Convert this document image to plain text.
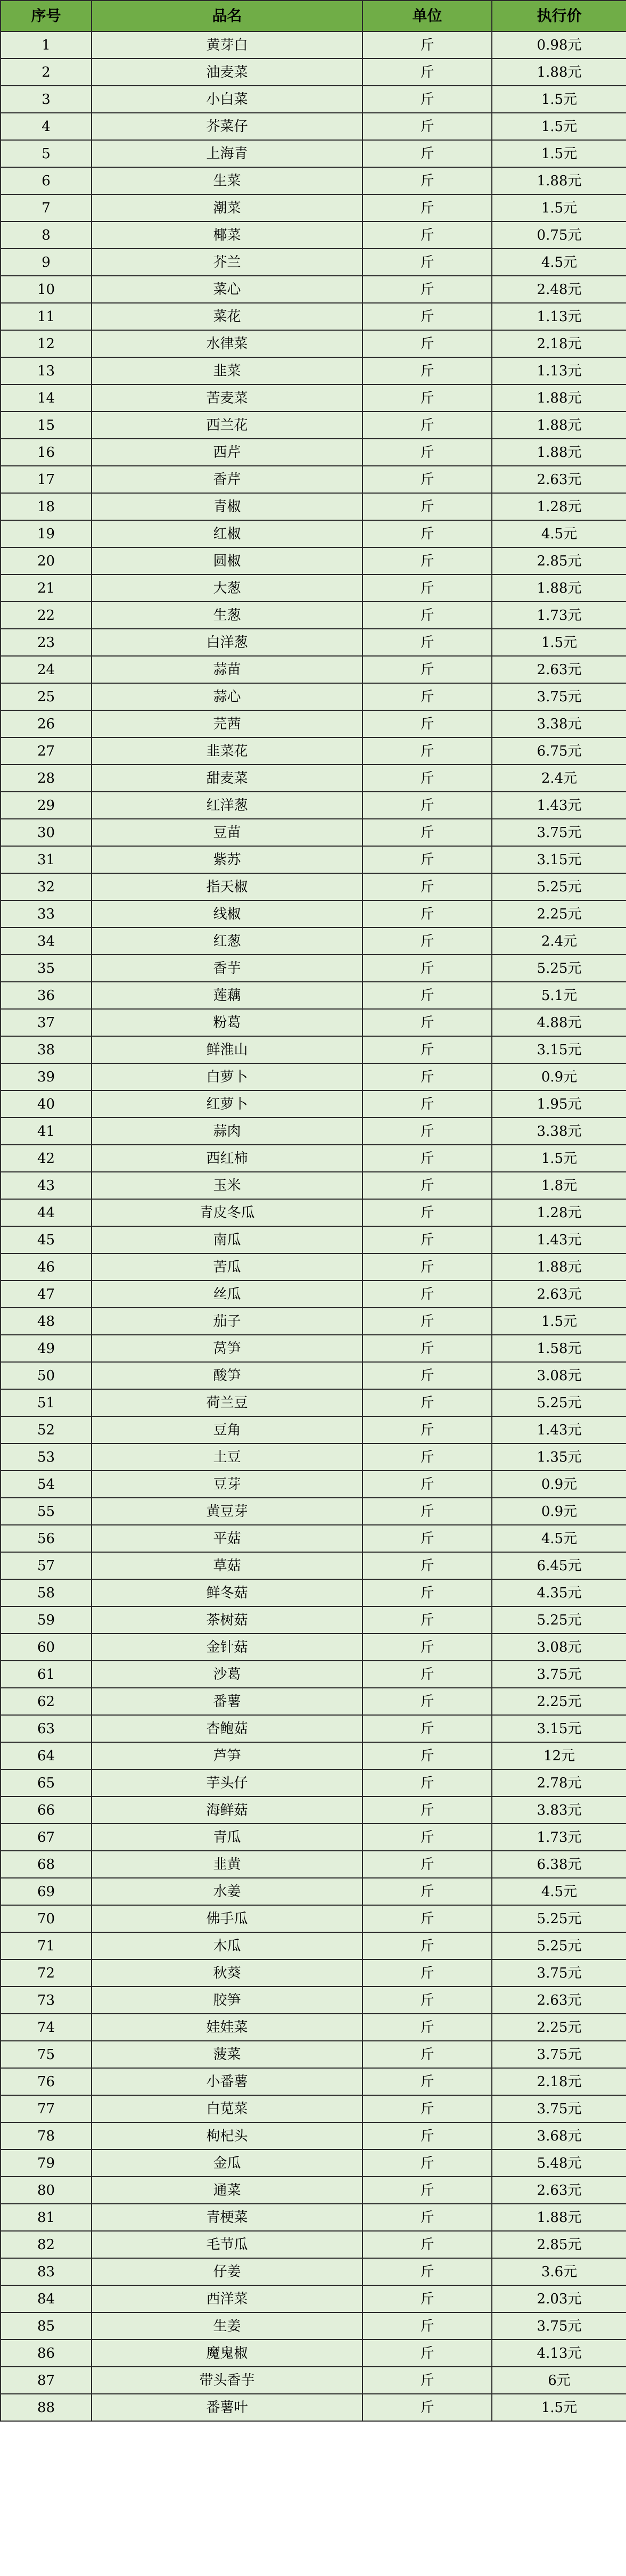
序号	品名	单位	执行价
1	黄芽白	斤	0.98元
2	油麦菜	斤	1.88元
3	小白菜	斤	1.5元
4	芥菜仔	斤	1.5元
5	上海青	斤	1.5元
6	生菜	斤	1.88元
7	潮菜	斤	1.5元
8	椰菜	斤	0.75元
9	芥兰	斤	4.5元
10	菜心	斤	2.48元
11	菜花	斤	1.13元
12	水律菜	斤	2.18元
13	韭菜	斤	1.13元
14	苦麦菜	斤	1.88元
15	西兰花	斤	1.88元
16	西芹	斤	1.88元
17	香芹	斤	2.63元
18	青椒	斤	1.28元
19	红椒	斤	4.5元
20	圆椒	斤	2.85元
21	大葱	斤	1.88元
22	生葱	斤	1.73元
23	白洋葱	斤	1.5元
24	蒜苗	斤	2.63元
25	蒜心	斤	3.75元
26	芫茜	斤	3.38元
27	韭菜花	斤	6.75元
28	甜麦菜	斤	2.4元
29	红洋葱	斤	1.43元
30	豆苗	斤	3.75元
31	紫苏	斤	3.15元
32	指天椒	斤	5.25元
33	线椒	斤	2.25元
34	红葱	斤	2.4元
35	香芋	斤	5.25元
36	莲藕	斤	5.1元
37	粉葛	斤	4.88元
38	鲜淮山	斤	3.15元
39	白萝卜	斤	0.9元
40	红萝卜	斤	1.95元
41	蒜肉	斤	3.38元
42	西红柿	斤	1.5元
43	玉米	斤	1.8元
44	青皮冬瓜	斤	1.28元
45	南瓜	斤	1.43元
46	苦瓜	斤	1.88元
47	丝瓜	斤	2.63元
48	茄子	斤	1.5元
49	莴笋	斤	1.58元
50	酸笋	斤	3.08元
51	荷兰豆	斤	5.25元
52	豆角	斤	1.43元
53	土豆	斤	1.35元
54	豆芽	斤	0.9元
55	黄豆芽	斤	0.9元
56	平菇	斤	4.5元
57	草菇	斤	6.45元
58	鲜冬菇	斤	4.35元
59	茶树菇	斤	5.25元
60	金针菇	斤	3.08元
61	沙葛	斤	3.75元
62	番薯	斤	2.25元
63	杏鲍菇	斤	3.15元
64	芦笋	斤	12元
65	芋头仔	斤	2.78元
66	海鲜菇	斤	3.83元
67	青瓜	斤	1.73元
68	韭黄	斤	6.38元
69	水姜	斤	4.5元
70	佛手瓜	斤	5.25元
71	木瓜	斤	5.25元
72	秋葵	斤	3.75元
73	胶笋	斤	2.63元
74	娃娃菜	斤	2.25元
75	菠菜	斤	3.75元
76	小番薯	斤	2.18元
77	白苋菜	斤	3.75元
78	枸杞头	斤	3.68元
79	金瓜	斤	5.48元
80	通菜	斤	2.63元
81	青梗菜	斤	1.88元
82	毛节瓜	斤	2.85元
83	仔姜	斤	3.6元
84	西洋菜	斤	2.03元
85	生姜	斤	3.75元
86	魔鬼椒	斤	4.13元
87	带头香芋	斤	6元
88	番薯叶	斤	1.5元
